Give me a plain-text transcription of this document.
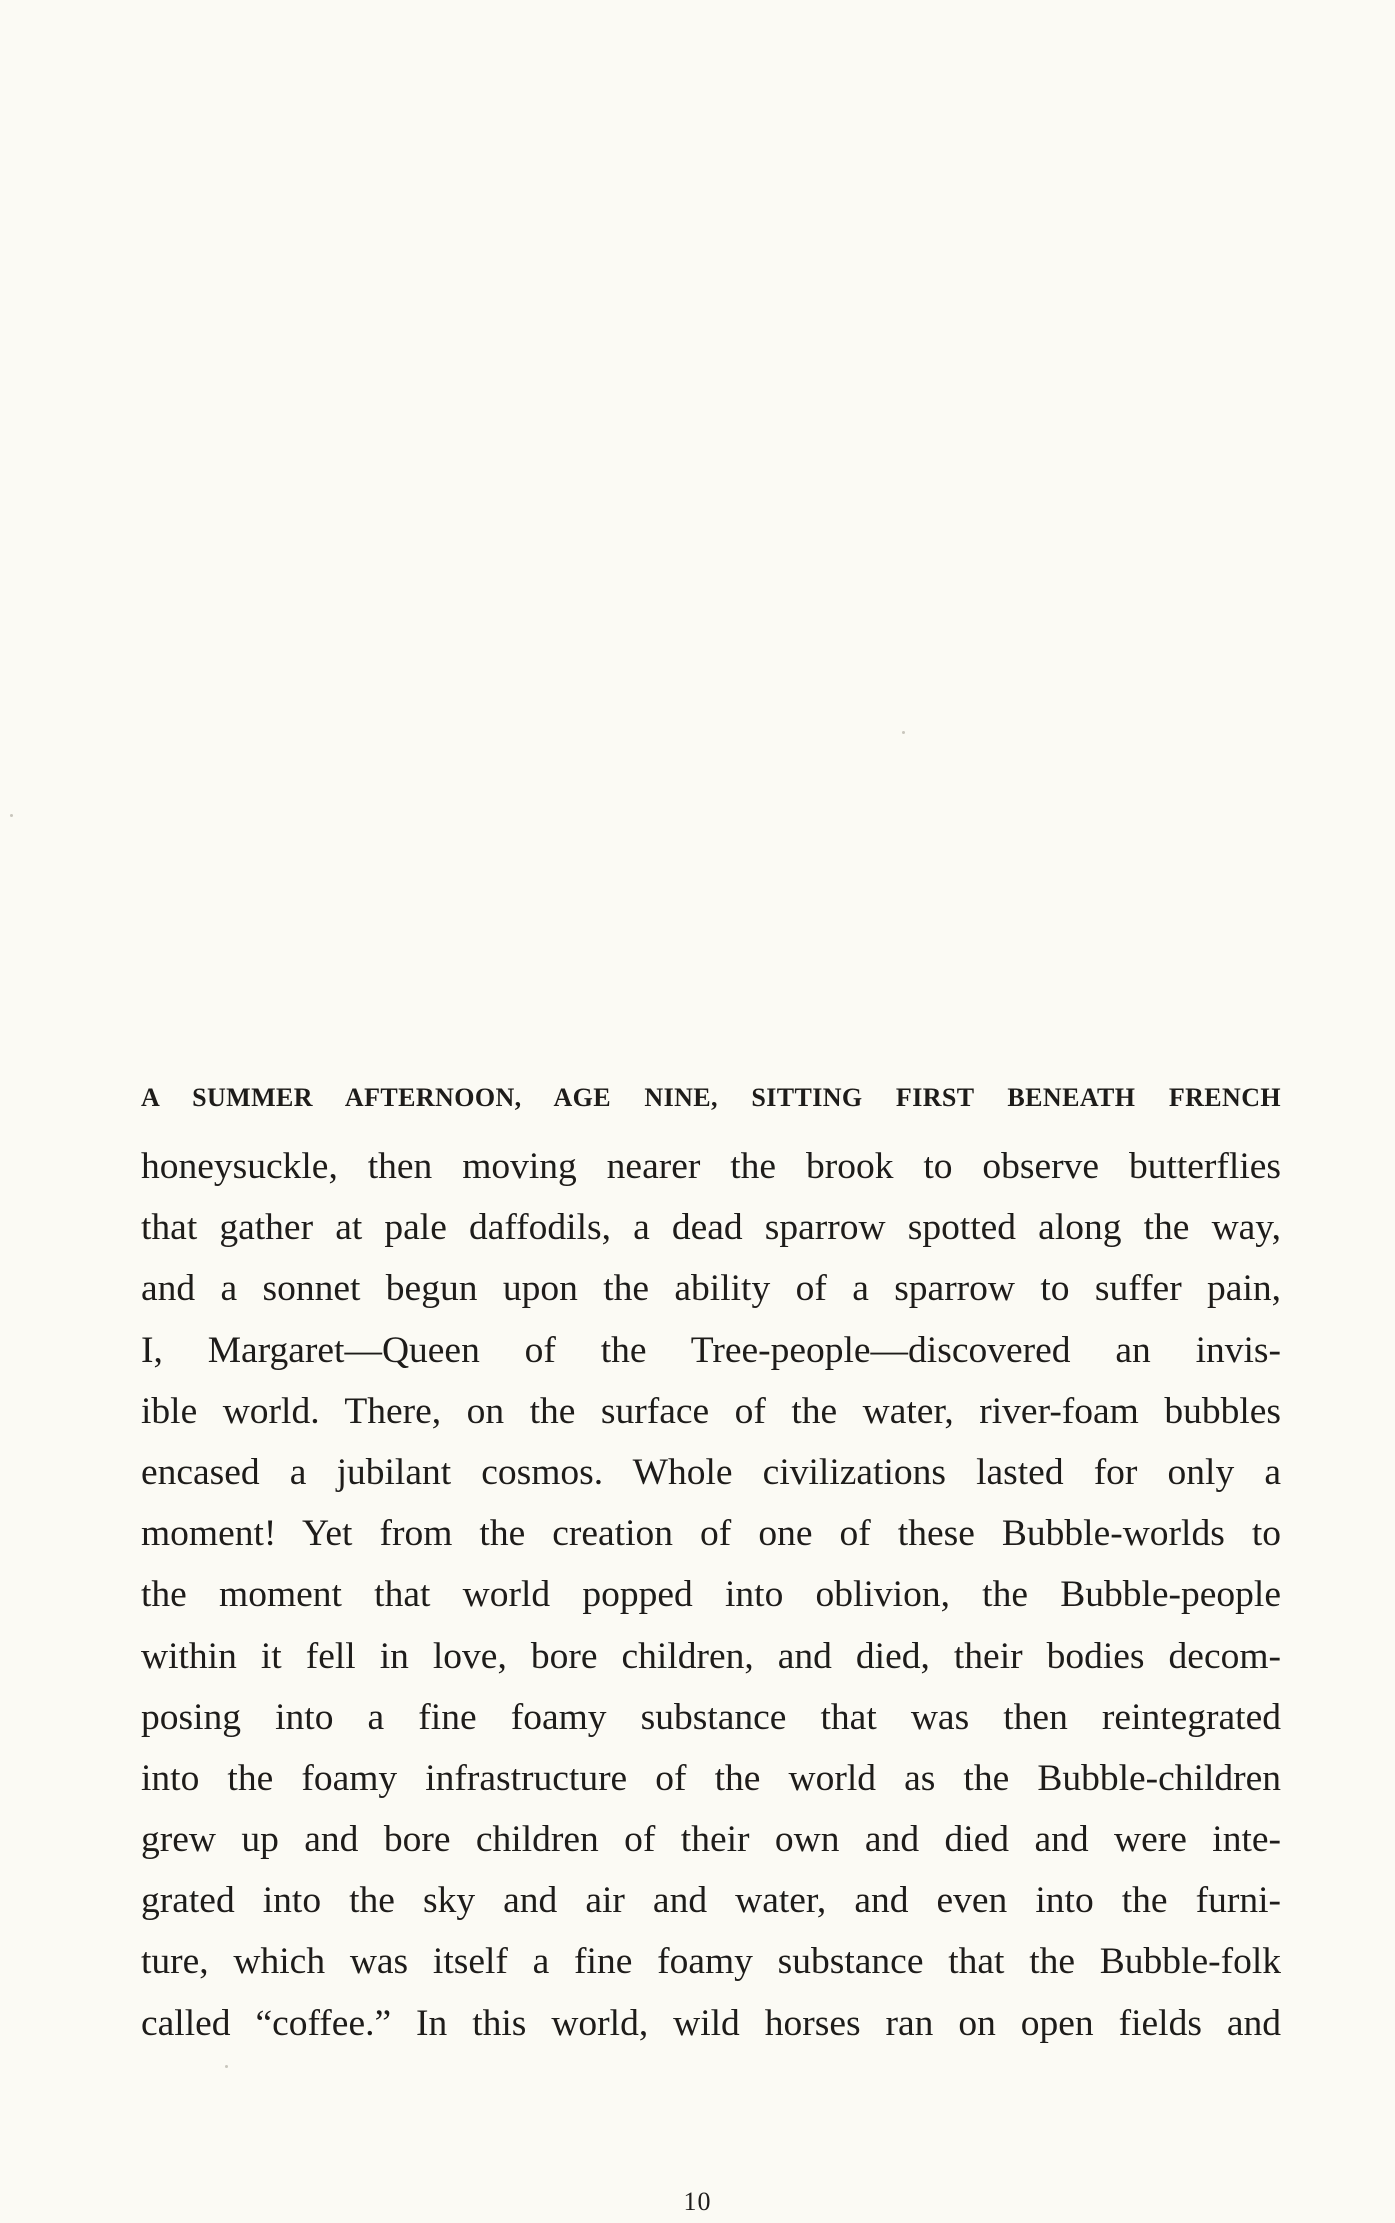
A SUMMER AFTERNOON, AGE NINE, SITTING FIRST BENEATH FRENCH
honeysuckle, then moving nearer the brook to observe butterflies
that gather at pale daffodils, a dead sparrow spotted along the way,
and a sonnet begun upon the ability of a sparrow to suffer pain,
I, Margaret—Queen of the Tree-people—discovered an invis-
ible world. There, on the surface of the water, river-foam bubbles
encased a jubilant cosmos. Whole civilizations lasted for only a
moment! Yet from the creation of one of these Bubble-worlds to
the moment that world popped into oblivion, the Bubble-people
within it fell in love, bore children, and died, their bodies decom-
posing into a fine foamy substance that was then reintegrated
into the foamy infrastructure of the world as the Bubble-children
grew up and bore children of their own and died and were inte-
grated into the sky and air and water, and even into the furni-
ture, which was itself a fine foamy substance that the Bubble-folk
called “coffee.” In this world, wild horses ran on open fields and
10
